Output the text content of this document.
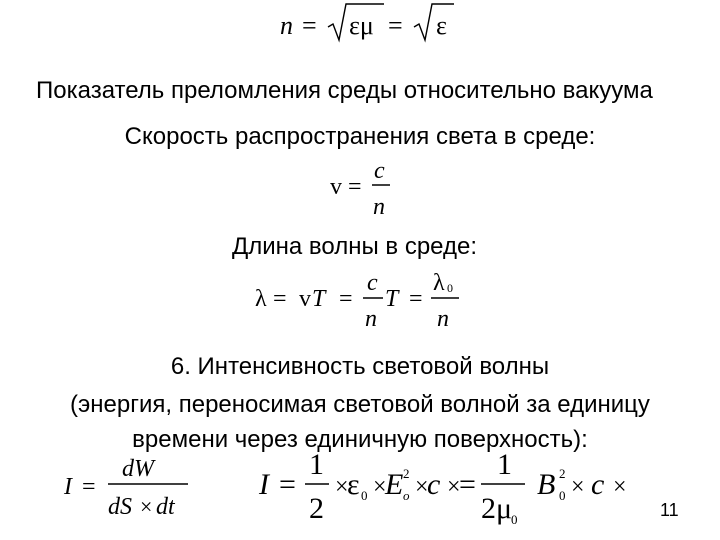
n = εμ = ε
Показатель преломления среды относительно вакуума
Скорость распространения света в среде:
v =
c
n
Длина волны в среде:
λ = v T =
c
n
T =
λ 0
n
6. Интенсивность световой волны
(энергия, переносимая световой волной за единицу
времени через единичную поверхность):
I =
dW
dS × dt
I =
1
2
×
ε 0 ×
E o
2
×
c ×
=
1
2μ
0
B 0
2
× c ×
11
